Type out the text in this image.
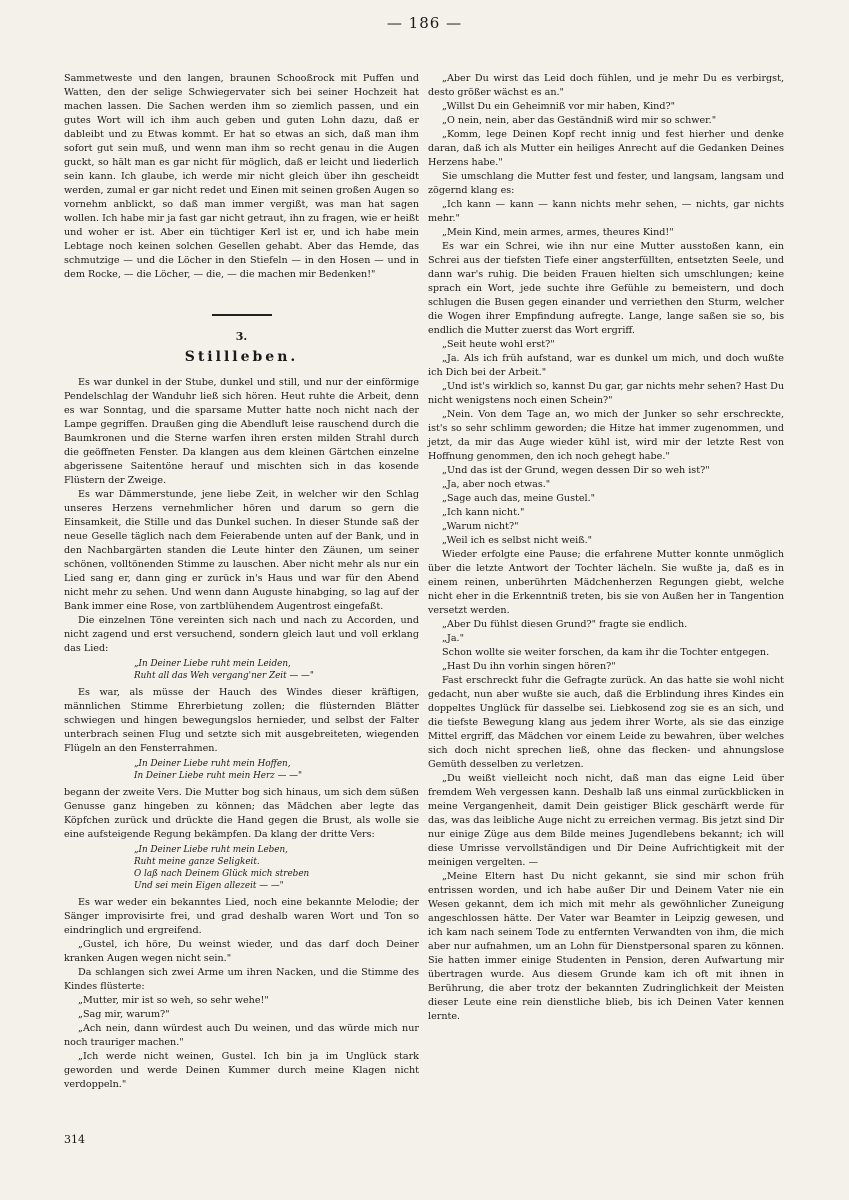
— 186 —

Sammetweste und den langen, braunen Schooßrock mit Puffen und Watten, den der selige Schwiegervater sich bei seiner Hochzeit hat machen lassen. Die Sachen werden ihm so ziemlich passen, und ein gutes Wort will ich ihm auch geben und guten Lohn dazu, daß er dableibt und zu Etwas kommt. Er hat so etwas an sich, daß man ihm sofort gut sein muß, und wenn man ihm so recht genau in die Augen guckt, so hält man es gar nicht für möglich, daß er leicht und liederlich sein kann. Ich glaube, ich werde mir nicht gleich über ihn gescheidt werden, zumal er gar nicht redet und Einen mit seinen großen Augen so vornehm anblickt, so daß man immer vergißt, was man hat sagen wollen. Ich habe mir ja fast gar nicht getraut, ihn zu fragen, wie er heißt und woher er ist. Aber ein tüchtiger Kerl ist er, und ich habe mein Lebtage noch keinen solchen Gesellen gehabt. Aber das Hemde, das schmutzige — und die Löcher in den Stiefeln — in den Hosen — und in dem Rocke, — die Löcher, — die, — die machen mir Bedenken!"

3.
Stillleben.

Es war dunkel in der Stube, dunkel und still, und nur der einförmige Pendelschlag der Wanduhr ließ sich hören. Heut ruhte die Arbeit, denn es war Sonntag, und die sparsame Mutter hatte noch nicht nach der Lampe gegriffen. Draußen ging die Abendluft leise rauschend durch die Baumkronen und die Sterne warfen ihren ersten milden Strahl durch die geöffneten Fenster. Da klangen aus dem kleinen Gärtchen einzelne abgerissene Saitentöne herauf und mischten sich in das kosende Flüstern der Zweige.

Es war Dämmerstunde, jene liebe Zeit, in welcher wir den Schlag unseres Herzens vernehmlicher hören und darum so gern die Einsamkeit, die Stille und das Dunkel suchen. In dieser Stunde saß der neue Geselle täglich nach dem Feierabende unten auf der Bank, und in den Nachbargärten standen die Leute hinter den Zäunen, um seiner schönen, volltönenden Stimme zu lauschen. Aber nicht mehr als nur ein Lied sang er, dann ging er zurück in's Haus und war für den Abend nicht mehr zu sehen. Und wenn dann Auguste hinabging, so lag auf der Bank immer eine Rose, von zartblühendem Augentrost eingefaßt.

Die einzelnen Töne vereinten sich nach und nach zu Accorden, und nicht zagend und erst versuchend, sondern gleich laut und voll erklang das Lied:

„In Deiner Liebe ruht mein Leiden,
Ruht all das Weh vergang'ner Zeit — —"

Es war, als müsse der Hauch des Windes dieser kräftigen, männlichen Stimme Ehrerbietung zollen; die flüsternden Blätter schwiegen und hingen bewegungslos hernieder, und selbst der Falter unterbrach seinen Flug und setzte sich mit ausgebreiteten, wiegenden Flügeln an den Fensterrahmen.

„In Deiner Liebe ruht mein Hoffen,
In Deiner Liebe ruht mein Herz — —"

begann der zweite Vers. Die Mutter bog sich hinaus, um sich dem süßen Genusse ganz hingeben zu können; das Mädchen aber legte das Köpfchen zurück und drückte die Hand gegen die Brust, als wolle sie eine aufsteigende Regung bekämpfen. Da klang der dritte Vers:

„In Deiner Liebe ruht mein Leben,
Ruht meine ganze Seligkeit.
O laß nach Deinem Glück mich streben
Und sei mein Eigen allezeit — —"

Es war weder ein bekanntes Lied, noch eine bekannte Melodie; der Sänger improvisirte frei, und grad deshalb waren Wort und Ton so eindringlich und ergreifend.

„Gustel, ich höre, Du weinst wieder, und das darf doch Deiner kranken Augen wegen nicht sein."

Da schlangen sich zwei Arme um ihren Nacken, und die Stimme des Kindes flüsterte:

„Mutter, mir ist so weh, so sehr wehe!"

„Sag mir, warum?"

„Ach nein, dann würdest auch Du weinen, und das würde mich nur noch trauriger machen."

„Ich werde nicht weinen, Gustel. Ich bin ja im Unglück stark geworden und werde Deinen Kummer durch meine Klagen nicht verdoppeln."

„Aber Du wirst das Leid doch fühlen, und je mehr Du es verbirgst, desto größer wächst es an."

„Willst Du ein Geheimniß vor mir haben, Kind?"

„O nein, nein, aber das Geständniß wird mir so schwer."

„Komm, lege Deinen Kopf recht innig und fest hierher und denke daran, daß ich als Mutter ein heiliges Anrecht auf die Gedanken Deines Herzens habe."

Sie umschlang die Mutter fest und fester, und langsam, langsam und zögernd klang es:

„Ich kann — kann — kann nichts mehr sehen, — nichts, gar nichts mehr."

„Mein Kind, mein armes, armes, theures Kind!"

Es war ein Schrei, wie ihn nur eine Mutter ausstoßen kann, ein Schrei aus der tiefsten Tiefe einer angsterfüllten, entsetzten Seele, und dann war's ruhig. Die beiden Frauen hielten sich umschlungen; keine sprach ein Wort, jede suchte ihre Gefühle zu bemeistern, und doch schlugen die Busen gegen einander und verriethen den Sturm, welcher die Wogen ihrer Empfindung aufregte. Lange, lange saßen sie so, bis endlich die Mutter zuerst das Wort ergriff.

„Seit heute wohl erst?"

„Ja. Als ich früh aufstand, war es dunkel um mich, und doch wußte ich Dich bei der Arbeit."

„Und ist's wirklich so, kannst Du gar, gar nichts mehr sehen? Hast Du nicht wenigstens noch einen Schein?"

„Nein. Von dem Tage an, wo mich der Junker so sehr erschreckte, ist's so sehr schlimm geworden; die Hitze hat immer zugenommen, und jetzt, da mir das Auge wieder kühl ist, wird mir der letzte Rest von Hoffnung genommen, den ich noch gehegt habe."

„Und das ist der Grund, wegen dessen Dir so weh ist?"

„Ja, aber noch etwas."

„Sage auch das, meine Gustel."

„Ich kann nicht."

„Warum nicht?"

„Weil ich es selbst nicht weiß."

Wieder erfolgte eine Pause; die erfahrene Mutter konnte unmöglich über die letzte Antwort der Tochter lächeln. Sie wußte ja, daß es in einem reinen, unberührten Mädchenherzen Regungen giebt, welche nicht eher in die Erkenntniß treten, bis sie von Außen her in Tangention versetzt werden.

„Aber Du fühlst diesen Grund?" fragte sie endlich.

„Ja."

Schon wollte sie weiter forschen, da kam ihr die Tochter entgegen.

„Hast Du ihn vorhin singen hören?"

Fast erschreckt fuhr die Gefragte zurück. An das hatte sie wohl nicht gedacht, nun aber wußte sie auch, daß die Erblindung ihres Kindes ein doppeltes Unglück für dasselbe sei. Liebkosend zog sie es an sich, und die tiefste Bewegung klang aus jedem ihrer Worte, als sie das einzige Mittel ergriff, das Mädchen vor einem Leide zu bewahren, über welches sich doch nicht sprechen ließ, ohne das flecken- und ahnungslose Gemüth desselben zu verletzen.

„Du weißt vielleicht noch nicht, daß man das eigne Leid über fremdem Weh vergessen kann. Deshalb laß uns einmal zurückblicken in meine Vergangenheit, damit Dein geistiger Blick geschärft werde für das, was das leibliche Auge nicht zu erreichen vermag. Bis jetzt sind Dir nur einige Züge aus dem Bilde meines Jugendlebens bekannt; ich will diese Umrisse vervollständigen und Dir Deine Aufrichtigkeit mit der meinigen vergelten. —

„Meine Eltern hast Du nicht gekannt, sie sind mir schon früh entrissen worden, und ich habe außer Dir und Deinem Vater nie ein Wesen gekannt, dem ich mich mit mehr als gewöhnlicher Zuneigung angeschlossen hätte. Der Vater war Beamter in Leipzig gewesen, und ich kam nach seinem Tode zu entfernten Verwandten von ihm, die mich aber nur aufnahmen, um an Lohn für Dienstpersonal sparen zu können. Sie hatten immer einige Studenten in Pension, deren Aufwartung mir übertragen wurde. Aus diesem Grunde kam ich oft mit ihnen in Berührung, die aber trotz der bekannten Zudringlichkeit der Meisten dieser Leute eine rein dienstliche blieb, bis ich Deinen Vater kennen lernte.

314
